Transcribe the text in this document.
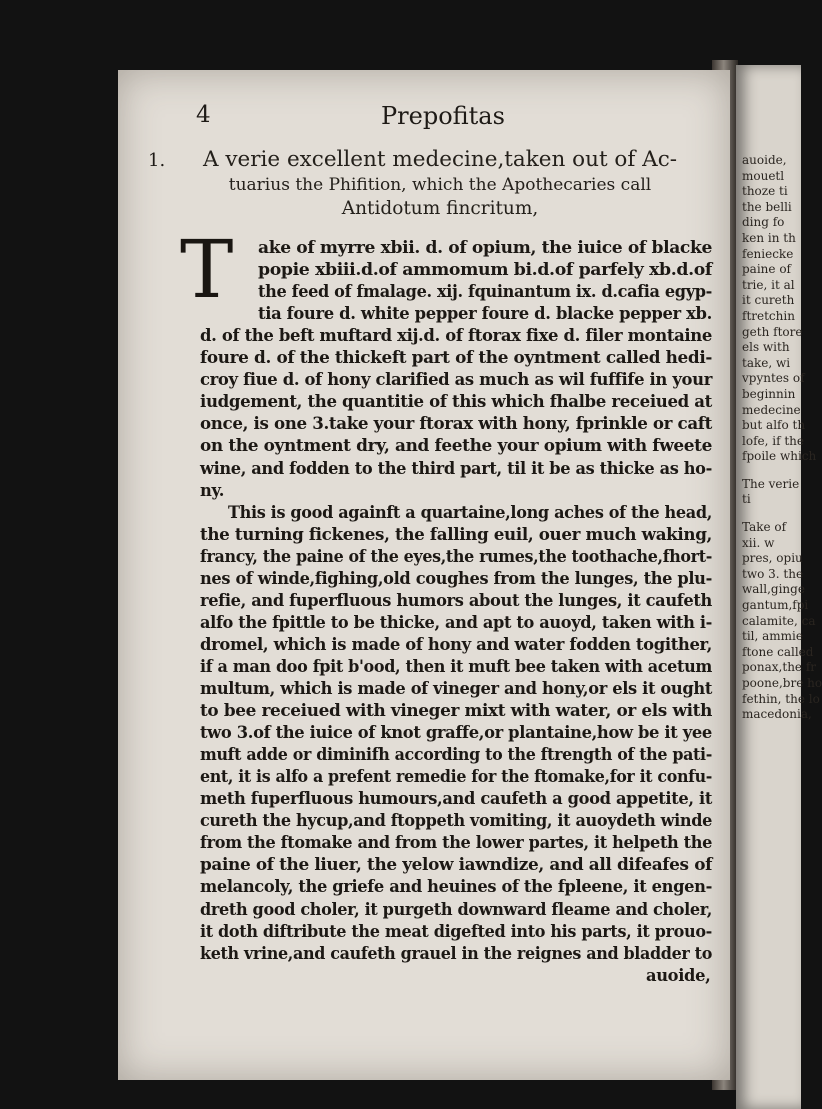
4	Prepofitas
1.	A verie excellent medecine,taken out of Ac-
tuarius the Phifition, which the Apothecaries call
Antidotum fincritum,
T ake of myrre xbii. d. of opium, the iuice of blacke
popie xbiii.d.of ammomum bi.d.of parfely xb.d.of
the feed of fmalage. xij. fquinantum ix. d.cafia egyp-
tia foure d. white pepper foure d. blacke pepper xb.
d. of the beft muftard xij.d. of ftorax fixe d. filer montaine
foure d. of the thickeft part of the oyntment called hedi-
croy fiue d. of hony clarified as much as wil fuffife in your
iudgement, the quantitie of this which fhalbe receiued at
once, is one 3.take your ftorax with hony, fprinkle or caft
on the oyntment dry, and feethe your opium with fweete
wine, and fodden to the third part, til it be as thicke as ho-
ny.
This is good againft a quartaine,long aches of the head,
the turning fickenes, the falling euil, ouer much waking,
francy, the paine of the eyes,the rumes,the toothache,fhort-
nes of winde,fighing,old coughes from the lunges, the plu-
refie, and fuperfluous humors about the lunges, it caufeth
alfo the fpittle to be thicke, and apt to auoyd, taken with i-
dromel, which is made of hony and water fodden togither,
if a man doo fpit b'ood, then it muft bee taken with acetum
multum, which is made of vineger and hony,or els it ought
to bee receiued with vineger mixt with water, or els with
two 3.of the iuice of knot graffe,or plantaine,how be it yee
muft adde or diminifh according to the ftrength of the pati-
ent, it is alfo a prefent remedie for the ftomake,for it confu-
meth fuperfluous humours,and caufeth a good appetite, it
cureth the hycup,and ftoppeth vomiting, it auoydeth winde
from the ftomake and from the lower partes, it helpeth the
paine of the liuer, the yelow iawndize, and all difeafes of
melancoly, the griefe and heuines of the fpleene, it engen-
dreth good choler, it purgeth downward fleame and choler,
it doth diftribute the meat digefted into his parts, it prouo-
keth vrine,and caufeth grauel in the reignes and bladder to
auoide,
auoide,
mouetl
thoze ti
the belli
ding fo
ken in th
feniecke
paine of
trie, it al
it cureth
ftretchin
geth ftore
els with
take, wi
vpyntes of
beginnin
medecine
but alfo th
lofe, if the
fpoile which
The verie
ti
Take of
xii. w
pres, opiu
two 3. the
wall,ginge
gantum,fpi
calamite, ca
til, ammie
ftone called
ponax,the fr
poone,bre ho
fethin, the lo
macedonia,
